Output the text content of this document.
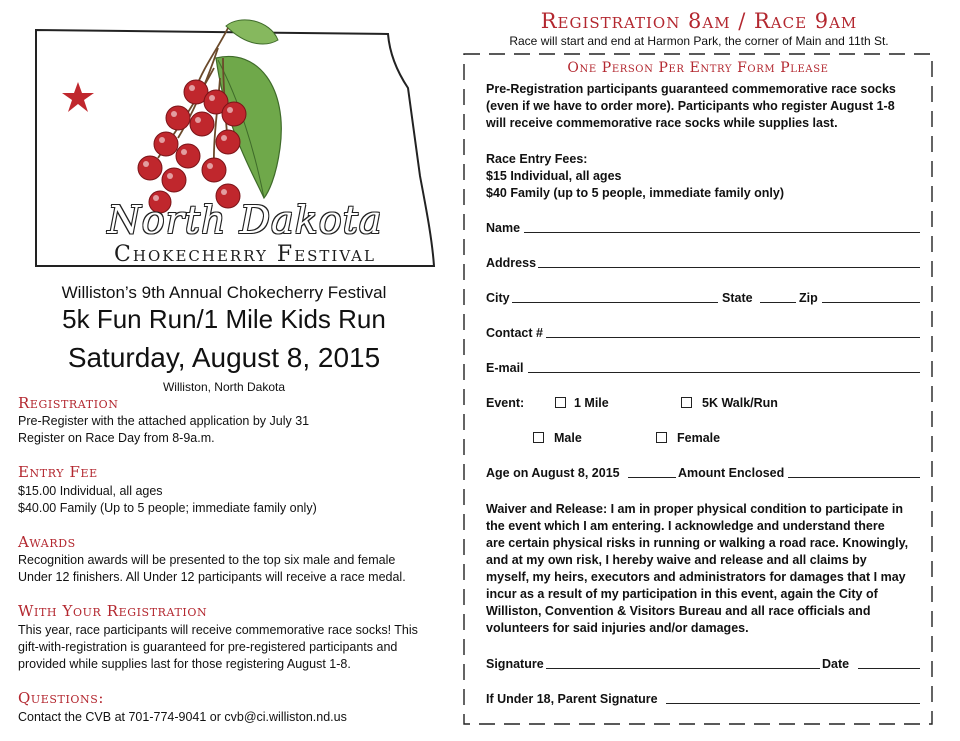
North Dakota
Chokecherry Festival
Williston’s 9th Annual Chokecherry Festival
5k Fun Run/1 Mile Kids Run
Saturday, August 8, 2015
Williston, North Dakota
Registration
Pre-Register with the attached application by July 31
Register on Race Day from 8-9a.m.
Entry Fee
$15.00 Individual, all ages
$40.00 Family (Up to 5 people; immediate family only)
Awards
Recognition awards will be presented to the top six male and female
Under 12 finishers. All Under 12 participants will receive a race medal.
With Your Registration
This year, race participants will receive commemorative race socks! This
gift-with-registration is guaranteed for pre-registered participants and
provided while supplies last for those registering August 1-8.
Questions:
Contact the CVB at 701-774-9041 or cvb@ci.williston.nd.us
Registration 8am / Race 9am
Race will start and end at Harmon Park, the corner of Main and 11th St.
One Person Per Entry Form Please
Pre-Registration participants guaranteed commemorative race socks
(even if we have to order more). Participants who register August 1-8
will receive commemorative race socks while supplies last.
Race Entry Fees:
$15 Individual, all ages
$40 Family (up to 5 people, immediate family only)
Name
Address
City	State	Zip
Contact #
E-mail
Event:	1 Mile	5K Walk/Run
Male	Female
Age on August 8, 2015	Amount Enclosed
Waiver and Release: I am in proper physical condition to participate in
the event which I am entering. I acknowledge and understand there
are certain physical risks in running or walking a road race. Knowingly,
and at my own risk, I hereby waive and release and all claims by
myself, my heirs, executors and administrators for damages that I may
incur as a result of my participation in this event, again the City of
Williston, Convention & Visitors Bureau and all race officials and
volunteers for said injuries and/or damages.
Signature	Date
If Under 18, Parent Signature
